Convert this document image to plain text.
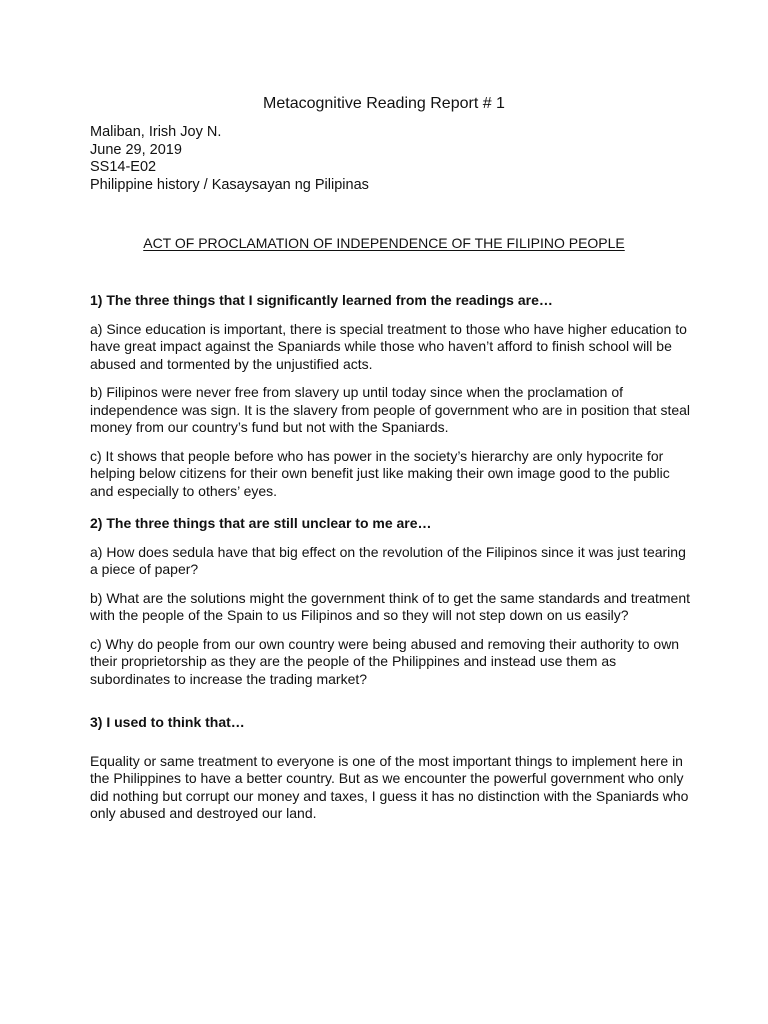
Metacognitive Reading Report # 1
Maliban, Irish Joy N.
June 29, 2019
SS14-E02
Philippine history / Kasaysayan ng Pilipinas
ACT OF PROCLAMATION OF INDEPENDENCE OF THE FILIPINO PEOPLE
1) The three things that I significantly learned from the readings are…

a) Since education is important, there is special treatment to those who have higher education to have great impact against the Spaniards while those who haven’t afford to finish school will be abused and tormented by the unjustified acts.

b) Filipinos were never free from slavery up until today since when the proclamation of independence was sign. It is the slavery from people of government who are in position that steal money from our country’s fund but not with the Spaniards.

c) It shows that people before who has power in the society’s hierarchy are only hypocrite for helping below citizens for their own benefit just like making their own image good to the public and especially to others’ eyes.

2) The three things that are still unclear to me are…

a) How does sedula have that big effect on the revolution of the Filipinos since it was just tearing a piece of paper?

b) What are the solutions might the government think of to get the same standards and treatment with the people of the Spain to us Filipinos and so they will not step down on us easily?

c) Why do people from our own country were being abused and removing their authority to own their proprietorship as they are the people of the Philippines and instead use them as subordinates to increase the trading market?

3) I used to think that…

Equality or same treatment to everyone is one of the most important things to implement here in the Philippines to have a better country. But as we encounter the powerful government who only did nothing but corrupt our money and taxes, I guess it has no distinction with the Spaniards who only abused and destroyed our land.
